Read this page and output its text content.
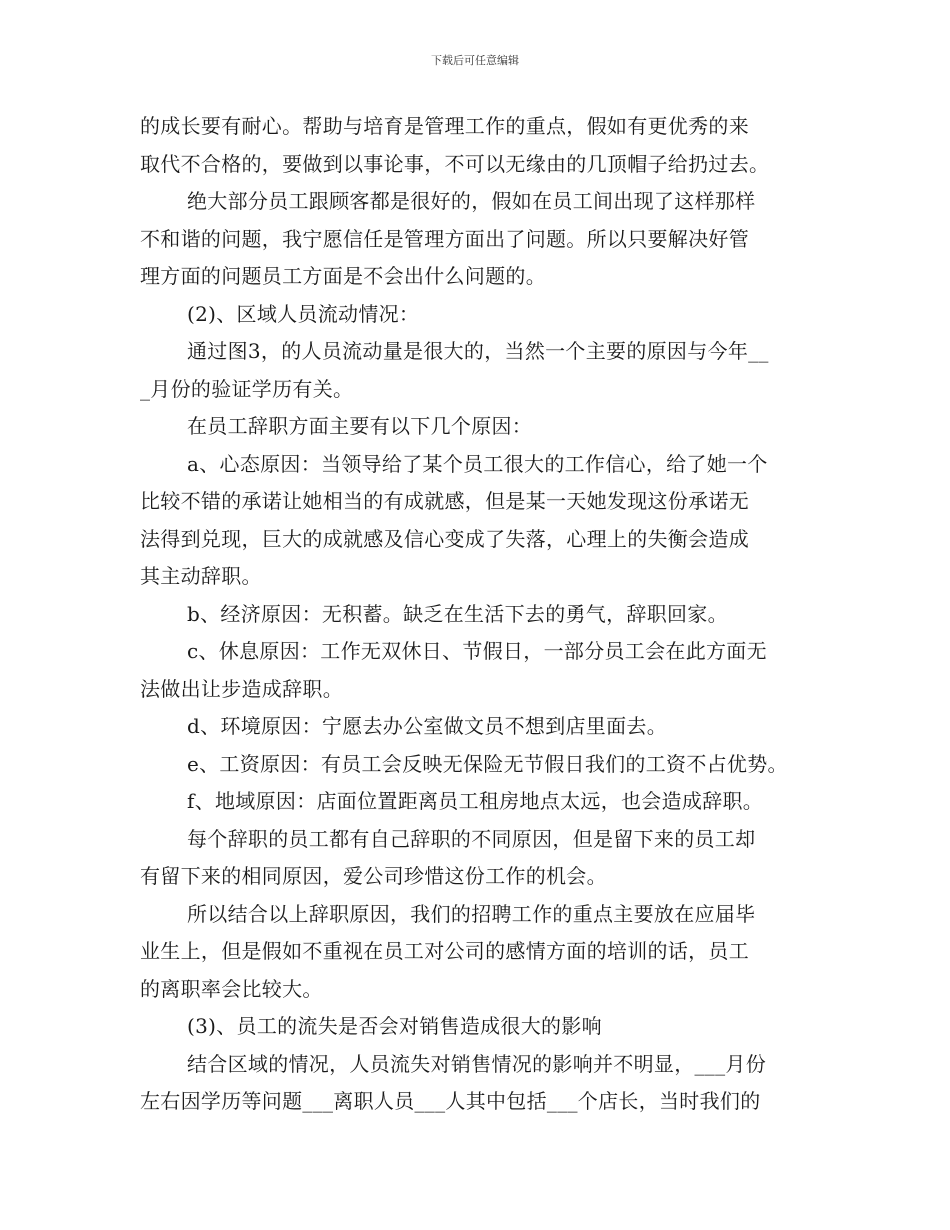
下载后可任意编辑
的成长要有耐心。帮助与培育是管理工作的重点，假如有更优秀的来
取代不合格的，要做到以事论事，不可以无缘由的几顶帽子给扔过去。
绝大部分员工跟顾客都是很好的，假如在员工间出现了这样那样
不和谐的问题，我宁愿信任是管理方面出了问题。所以只要解决好管
理方面的问题员工方面是不会出什么问题的。
(2)、区域人员流动情况：
通过图3，的人员流动量是很大的，当然一个主要的原因与今年__
_月份的验证学历有关。
在员工辞职方面主要有以下几个原因：
a、心态原因：当领导给了某个员工很大的工作信心，给了她一个
比较不错的承诺让她相当的有成就感，但是某一天她发现这份承诺无
法得到兑现，巨大的成就感及信心变成了失落，心理上的失衡会造成
其主动辞职。
b、经济原因：无积蓄。缺乏在生活下去的勇气，辞职回家。
c、休息原因：工作无双休日、节假日，一部分员工会在此方面无
法做出让步造成辞职。
d、环境原因：宁愿去办公室做文员不想到店里面去。
e、工资原因：有员工会反映无保险无节假日我们的工资不占优势。
f、地域原因：店面位置距离员工租房地点太远，也会造成辞职。
每个辞职的员工都有自己辞职的不同原因，但是留下来的员工却
有留下来的相同原因，爱公司珍惜这份工作的机会。
所以结合以上辞职原因，我们的招聘工作的重点主要放在应届毕
业生上，但是假如不重视在员工对公司的感情方面的培训的话，员工
的离职率会比较大。
(3)、员工的流失是否会对销售造成很大的影响
结合区域的情况，人员流失对销售情况的影响并不明显，___月份
左右因学历等问题___离职人员___人其中包括___个店长，当时我们的
